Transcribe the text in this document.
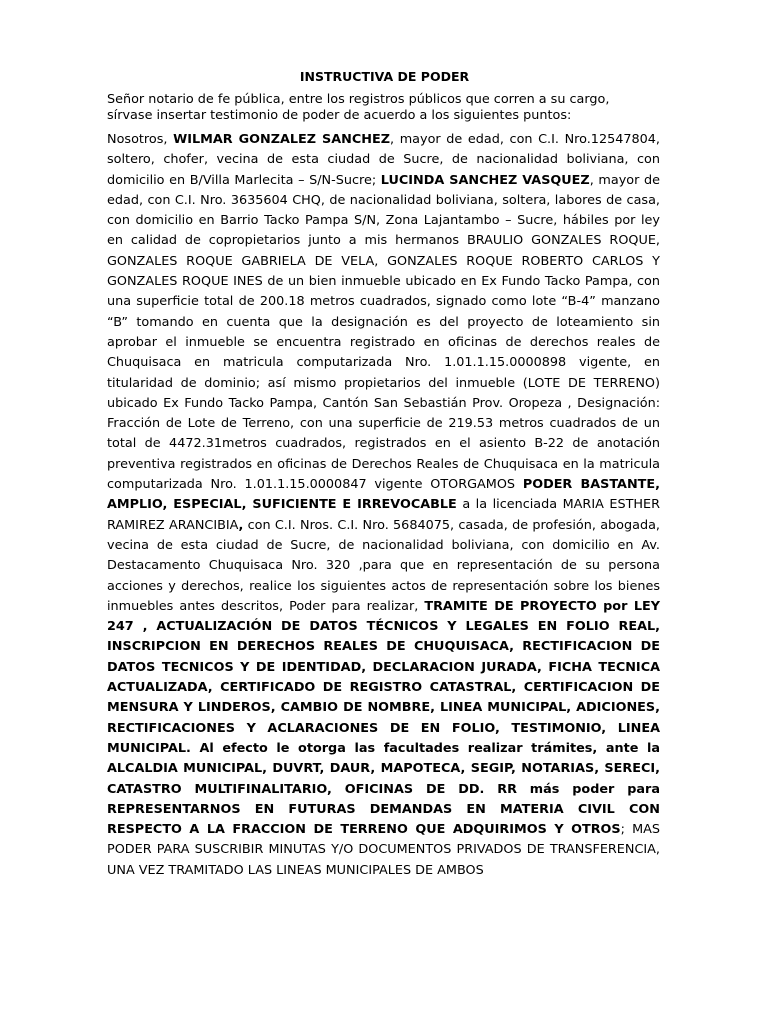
INSTRUCTIVA DE PODER
Señor notario de fe pública, entre los registros públicos que corren a su cargo,
sírvase insertar testimonio de poder de acuerdo a los siguientes puntos:

Nosotros, WILMAR GONZALEZ SANCHEZ, mayor de edad, con C.I. Nro.12547804, soltero, chofer, vecina de esta ciudad de Sucre, de nacionalidad boliviana, con domicilio en B/Villa Marlecita – S/N-Sucre; LUCINDA SANCHEZ VASQUEZ, mayor de edad, con C.I. Nro. 3635604 CHQ, de nacionalidad boliviana, soltera, labores de casa, con domicilio en Barrio Tacko Pampa S/N, Zona Lajantambo – Sucre, hábiles por ley en calidad de copropietarios junto a mis hermanos BRAULIO GONZALES ROQUE, GONZALES ROQUE GABRIELA DE VELA, GONZALES ROQUE ROBERTO CARLOS Y GONZALES ROQUE INES de un bien inmueble ubicado en Ex Fundo Tacko Pampa, con una superficie total de 200.18 metros cuadrados, signado como lote “B-4” manzano “B” tomando en cuenta que la designación es del proyecto de loteamiento sin aprobar el inmueble se encuentra registrado en oficinas de derechos reales de Chuquisaca en matricula computarizada Nro. 1.01.1.15.0000898 vigente, en titularidad de dominio; así mismo propietarios del inmueble (LOTE DE TERRENO) ubicado Ex Fundo Tacko Pampa, Cantón San Sebastián Prov. Oropeza , Designación: Fracción de Lote de Terreno, con una superficie de 219.53 metros cuadrados de un total de 4472.31metros cuadrados, registrados en el asiento B-22 de anotación preventiva registrados en oficinas de Derechos Reales de Chuquisaca en la matricula computarizada Nro. 1.01.1.15.0000847 vigente OTORGAMOS PODER BASTANTE, AMPLIO, ESPECIAL, SUFICIENTE E IRREVOCABLE a la licenciada MARIA ESTHER RAMIREZ ARANCIBIA, con C.I. Nros. C.I. Nro. 5684075, casada, de profesión, abogada, vecina de esta ciudad de Sucre, de nacionalidad boliviana, con domicilio en Av. Destacamento Chuquisaca Nro. 320 ,para que en representación de su persona acciones y derechos, realice los siguientes actos de representación sobre los bienes inmuebles antes descritos, Poder para realizar, TRAMITE DE PROYECTO por LEY 247 , ACTUALIZACIÓN DE DATOS TÉCNICOS Y LEGALES EN FOLIO REAL, INSCRIPCION EN DERECHOS REALES DE CHUQUISACA, RECTIFICACION DE DATOS TECNICOS Y DE IDENTIDAD, DECLARACION JURADA, FICHA TECNICA ACTUALIZADA, CERTIFICADO DE REGISTRO CATASTRAL, CERTIFICACION DE MENSURA Y LINDEROS, CAMBIO DE NOMBRE, LINEA MUNICIPAL, ADICIONES, RECTIFICACIONES Y ACLARACIONES DE EN FOLIO, TESTIMONIO, LINEA MUNICIPAL. Al efecto le otorga las facultades realizar trámites, ante la ALCALDIA MUNICIPAL, DUVRT, DAUR, MAPOTECA, SEGIP, NOTARIAS, SERECI, CATASTRO MULTIFINALITARIO, OFICINAS DE DD. RR más poder para REPRESENTARNOS EN FUTURAS DEMANDAS EN MATERIA CIVIL CON RESPECTO A LA FRACCION DE TERRENO QUE ADQUIRIMOS Y OTROS; MAS PODER PARA SUSCRIBIR MINUTAS Y/O DOCUMENTOS PRIVADOS DE TRANSFERENCIA, UNA VEZ TRAMITADO LAS LINEAS MUNICIPALES DE AMBOS
